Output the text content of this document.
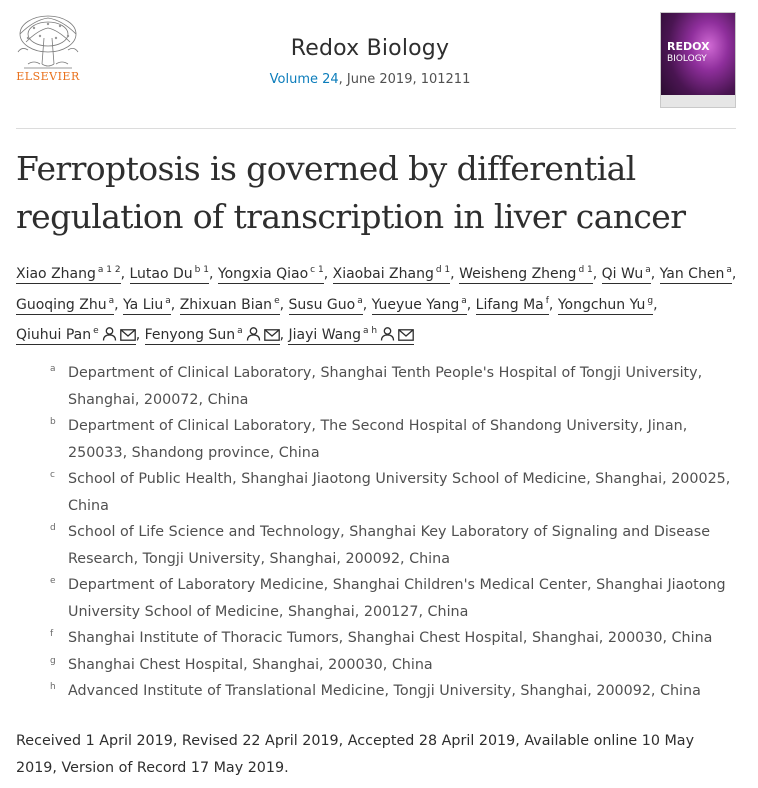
ELSEVIER
Redox Biology
Volume 24, June 2019, 101211
REDOX
BIOLOGY
Ferroptosis is governed by differential regulation of transcription in liver cancer
Xiao Zhang $^{a 1 2}$, Lutao Du $^{b 1}$, Yongxia Qiao $^{c 1}$, Xiaobai Zhang $^{d 1}$, Weisheng Zheng $^{d 1}$, Qi Wu $^a$, Yan Chen $^a$, Guoqing Zhu $^a$, Ya Liu $^a$, Zhixuan Bian $^e$, Susu Guo $^a$, Yueyue Yang $^a$, Lifang Ma $^f$, Yongchun Yu $^g$, Qiuhui Pan $^e$	, Fenyong Sun $^a$	, Jiayi Wang $^{a h}$
a Department of Clinical Laboratory, Shanghai Tenth People's Hospital of Tongji University, Shanghai, 200072, China
b Department of Clinical Laboratory, The Second Hospital of Shandong University, Jinan, 250033, Shandong province, China
c School of Public Health, Shanghai Jiaotong University School of Medicine, Shanghai, 200025, China
d School of Life Science and Technology, Shanghai Key Laboratory of Signaling and Disease Research, Tongji University, Shanghai, 200092, China
e Department of Laboratory Medicine, Shanghai Children's Medical Center, Shanghai Jiaotong University School of Medicine, Shanghai, 200127, China
f Shanghai Institute of Thoracic Tumors, Shanghai Chest Hospital, Shanghai, 200030, China
g Shanghai Chest Hospital, Shanghai, 200030, China
h Advanced Institute of Translational Medicine, Tongji University, Shanghai, 200092, China
Received 1 April 2019, Revised 22 April 2019, Accepted 28 April 2019, Available online 10 May 2019, Version of Record 17 May 2019.
